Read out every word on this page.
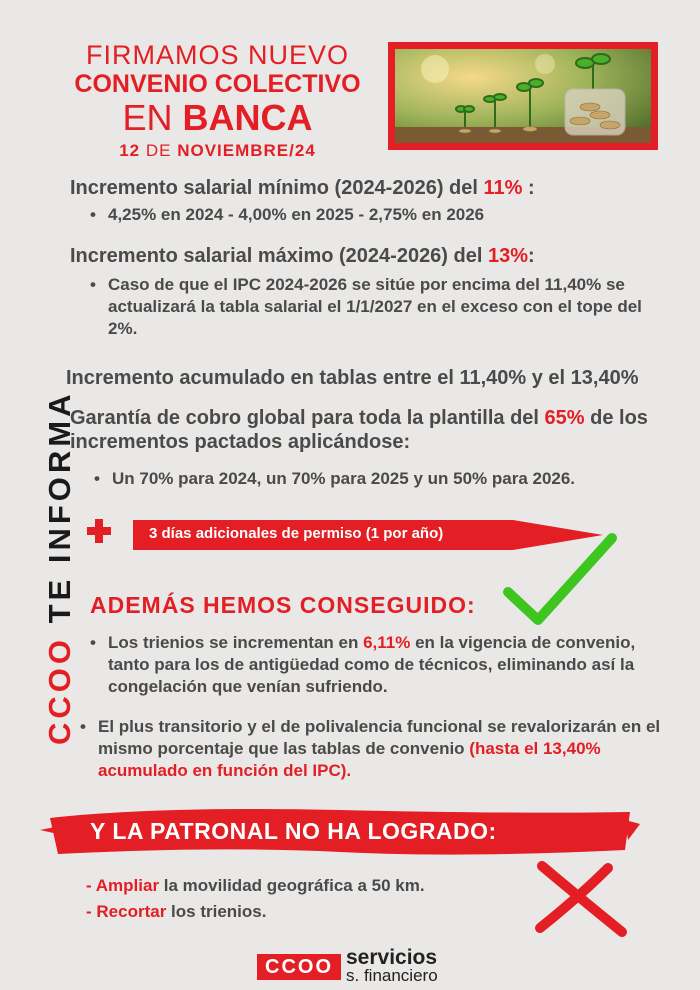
FIRMAMOS NUEVO
CONVENIO COLECTIVO
EN BANCA
12 DE NOVIEMBRE/24
CCOO TE INFORMA
Incremento salarial mínimo (2024-2026) del 11% :
• 4,25% en 2024 - 4,00% en 2025 - 2,75% en 2026
Incremento salarial máximo (2024-2026) del 13%:
• Caso de que el IPC 2024-2026 se sitúe por encima del 11,40% se actualizará la tabla salarial el 1/1/2027 en el exceso con el tope del 2%.
Incremento acumulado en tablas entre el 11,40% y el 13,40%
Garantía de cobro global para toda la plantilla del 65% de los incrementos pactados aplicándose:
• Un 70% para 2024, un 70% para 2025 y un 50% para 2026.
3 días adicionales de permiso (1 por año)
ADEMÁS HEMOS CONSEGUIDO:
• Los trienios se incrementan en 6,11% en la vigencia de convenio, tanto para los de antigüedad como de técnicos, eliminando así la congelación que venían sufriendo.
• El plus transitorio y el de polivalencia funcional se revalorizarán en el mismo porcentaje que las tablas de convenio (hasta el 13,40% acumulado en función del IPC).
Y LA PATRONAL NO HA LOGRADO:
- Ampliar la movilidad geográfica a 50 km.
- Recortar los trienios.
CCOO servicios
s. financiero
